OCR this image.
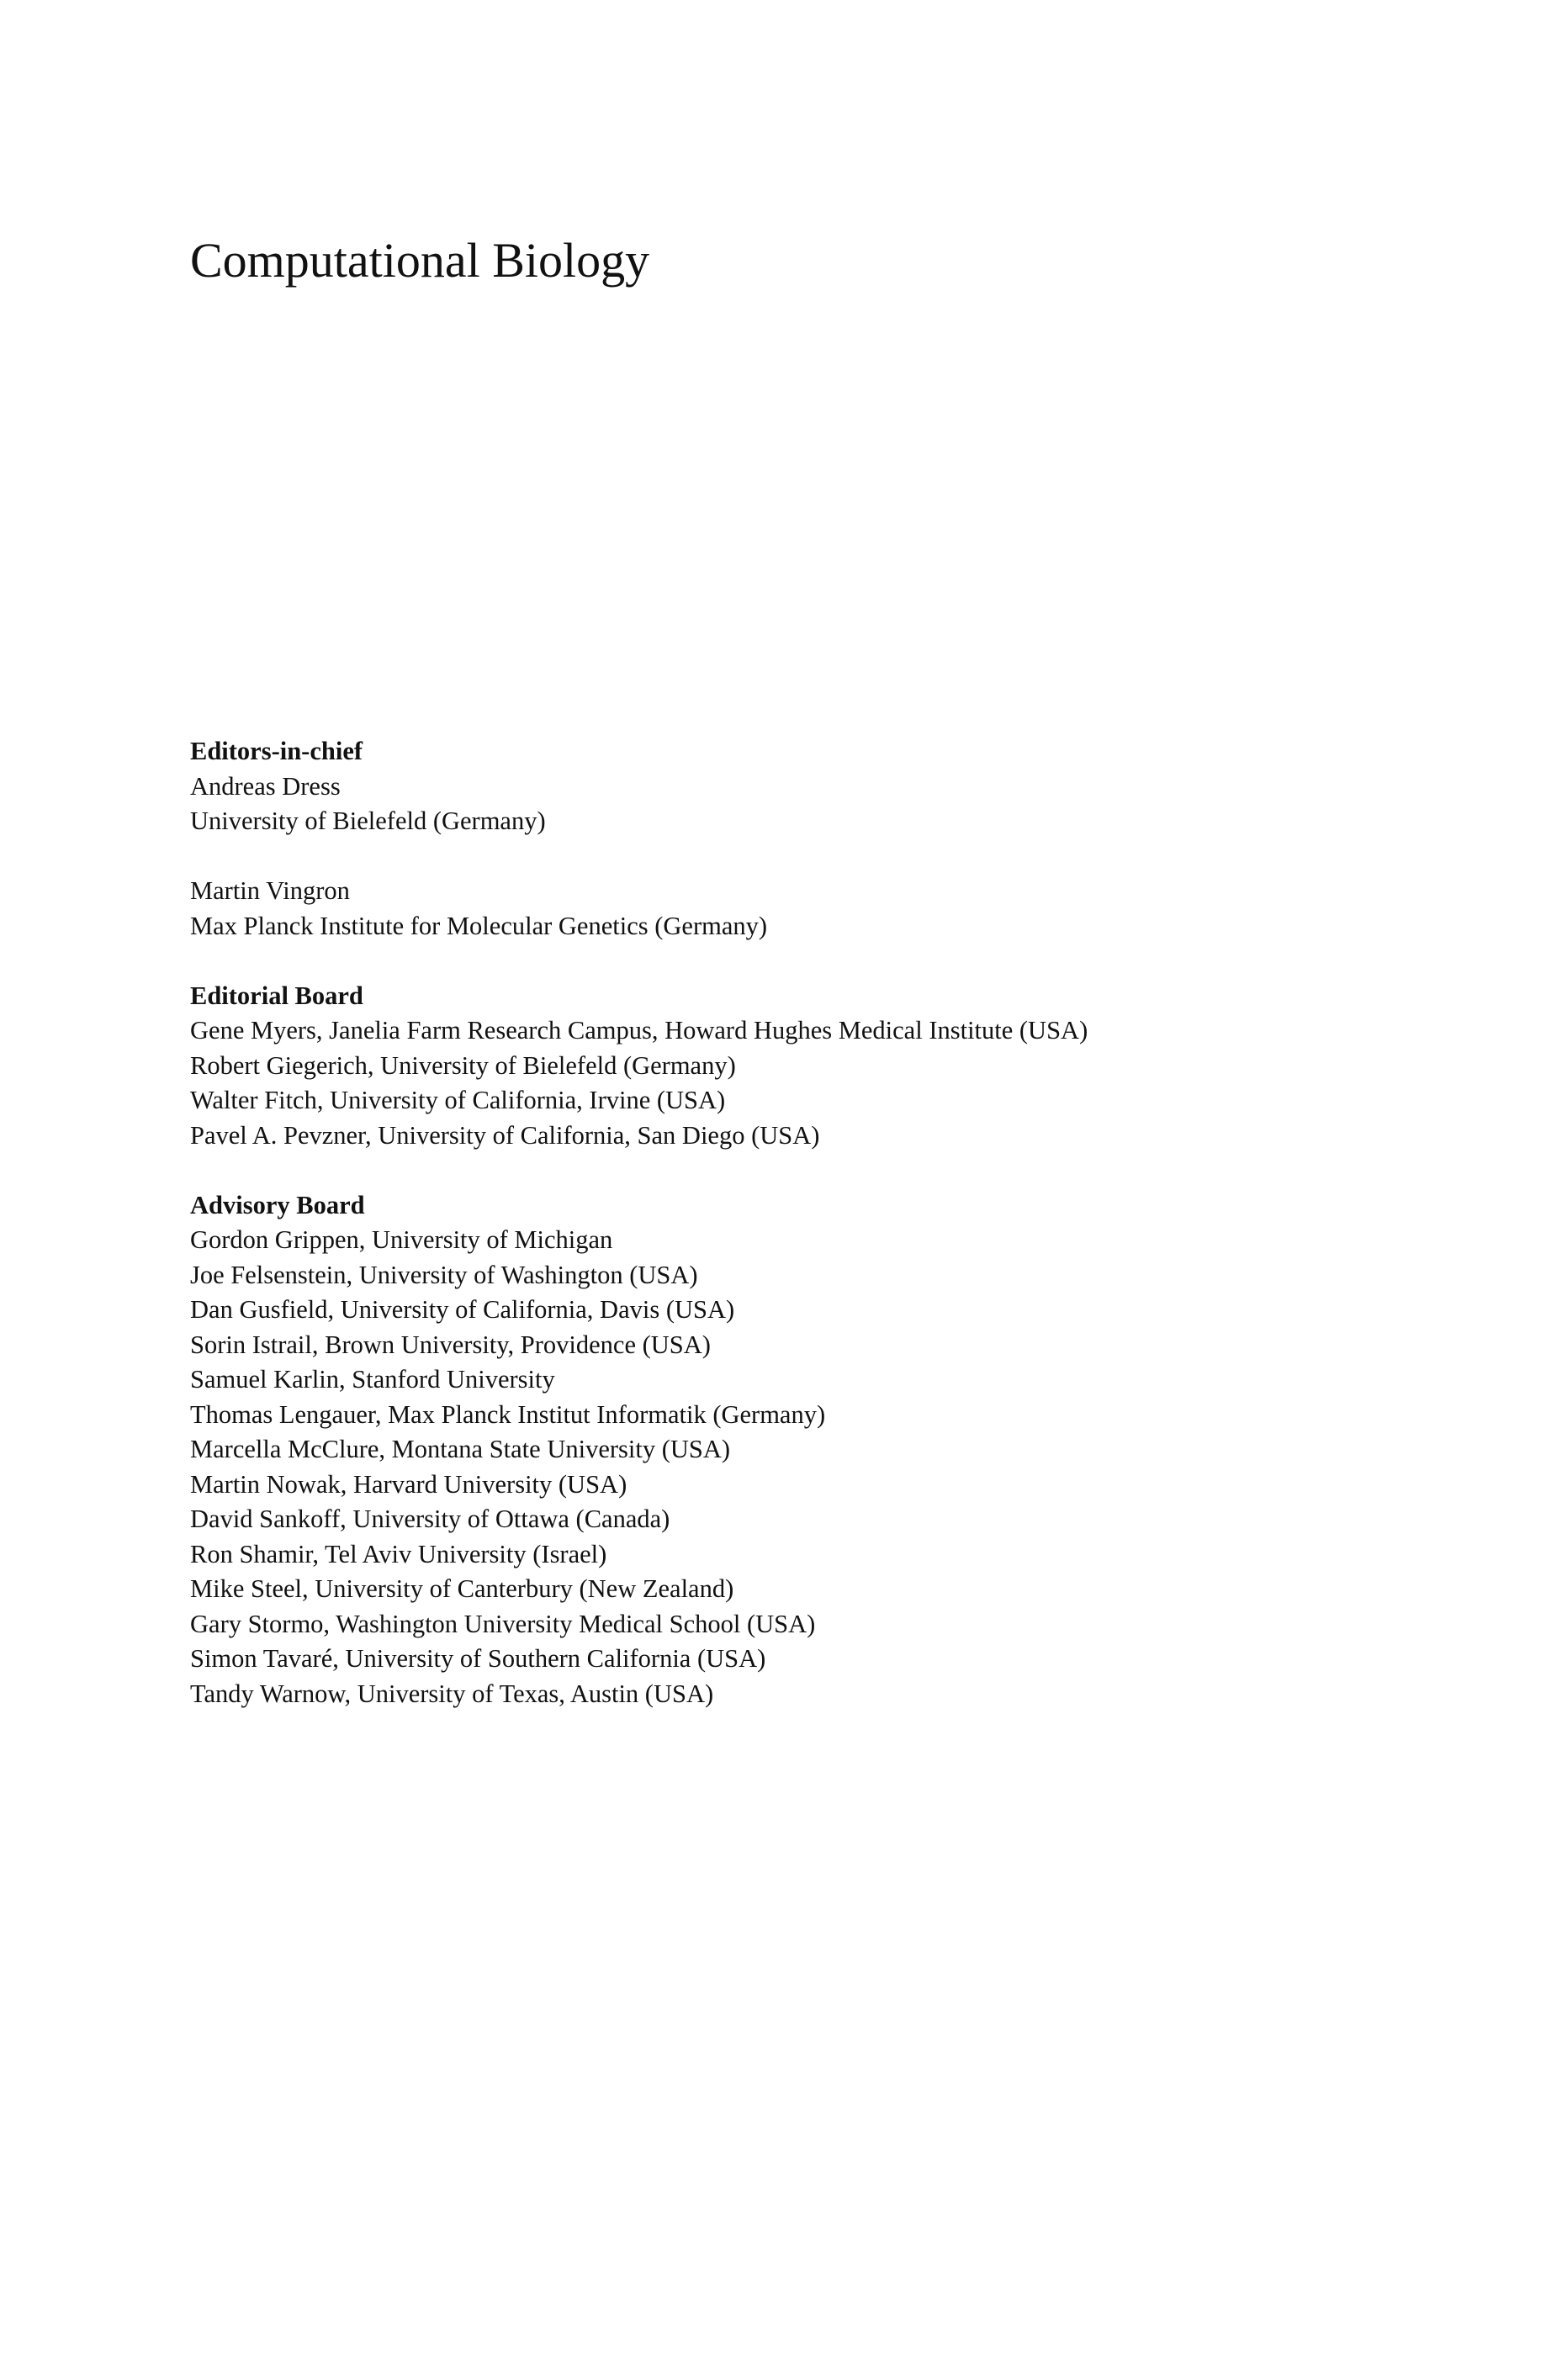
Computational Biology
Editors-in-chief
Andreas Dress
University of Bielefeld (Germany)
Martin Vingron
Max Planck Institute for Molecular Genetics (Germany)
Editorial Board
Gene Myers, Janelia Farm Research Campus, Howard Hughes Medical Institute (USA)
Robert Giegerich, University of Bielefeld (Germany)
Walter Fitch, University of California, Irvine (USA)
Pavel A. Pevzner, University of California, San Diego (USA)
Advisory Board
Gordon Grippen, University of Michigan
Joe Felsenstein, University of Washington (USA)
Dan Gusfield, University of California, Davis (USA)
Sorin Istrail, Brown University, Providence (USA)
Samuel Karlin, Stanford University
Thomas Lengauer, Max Planck Institut Informatik (Germany)
Marcella McClure, Montana State University (USA)
Martin Nowak, Harvard University (USA)
David Sankoff, University of Ottawa (Canada)
Ron Shamir, Tel Aviv University (Israel)
Mike Steel, University of Canterbury (New Zealand)
Gary Stormo, Washington University Medical School (USA)
Simon Tavaré, University of Southern California (USA)
Tandy Warnow, University of Texas, Austin (USA)
